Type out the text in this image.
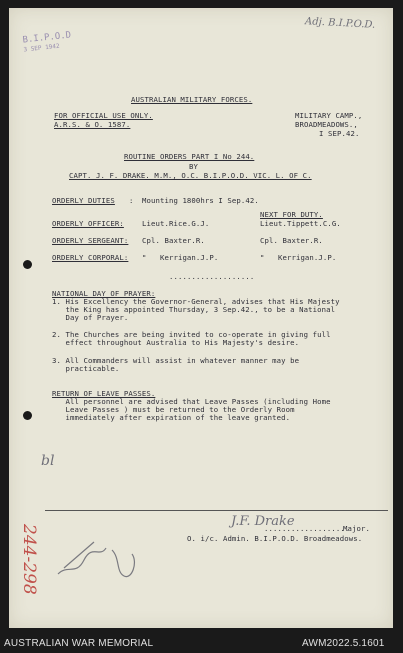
B.I.P.O.D
3 SEP 1942
Adj. B.I.P.O.D.
AUSTRALIAN MILITARY FORCES.
FOR OFFICIAL USE ONLY.
A.R.S. & O. 1587.
MILITARY CAMP.,
BROADMEADOWS.,
I SEP.42.
ROUTINE ORDERS PART I No 244.
BY
CAPT. J. F. DRAKE. M.M., O.C. B.I.P.O.D. VIC. L. OF C.
ORDERLY DUTIES : Mounting 1800hrs I Sep.42.
NEXT FOR DUTY.
ORDERLY OFFICER: Lieut.Rice.G.J.	Lieut.Tippett.C.G.
ORDERLY SERGEANT: Cpl. Baxter.R.	Cpl. Baxter.R.
ORDERLY CORPORAL: "   Kerrigan.J.P.	"   Kerrigan.J.P.
...................
NATIONAL DAY OF PRAYER:
1. His Excellency the Governor-General, advises that His Majesty
the King has appointed Thursday, 3 Sep.42., to be a National
Day of Prayer.
2. The Churches are being invited to co-operate in giving full
effect throughout Australia to His Majesty's desire.
3. All Commanders will assist in whatever manner may be
practicable.
RETURN OF LEAVE PASSES.
All personnel are advised that Leave Passes (including Home
Leave Passes ) must be returned to the Orderly Room
immediately after expiration of the leave granted.
bl
J.F. Drake
...................
Major.
O. i/c. Admin. B.I.P.O.D. Broadmeadows.
244-298
AUSTRALIAN WAR MEMORIAL	AWM2022.5.1601
